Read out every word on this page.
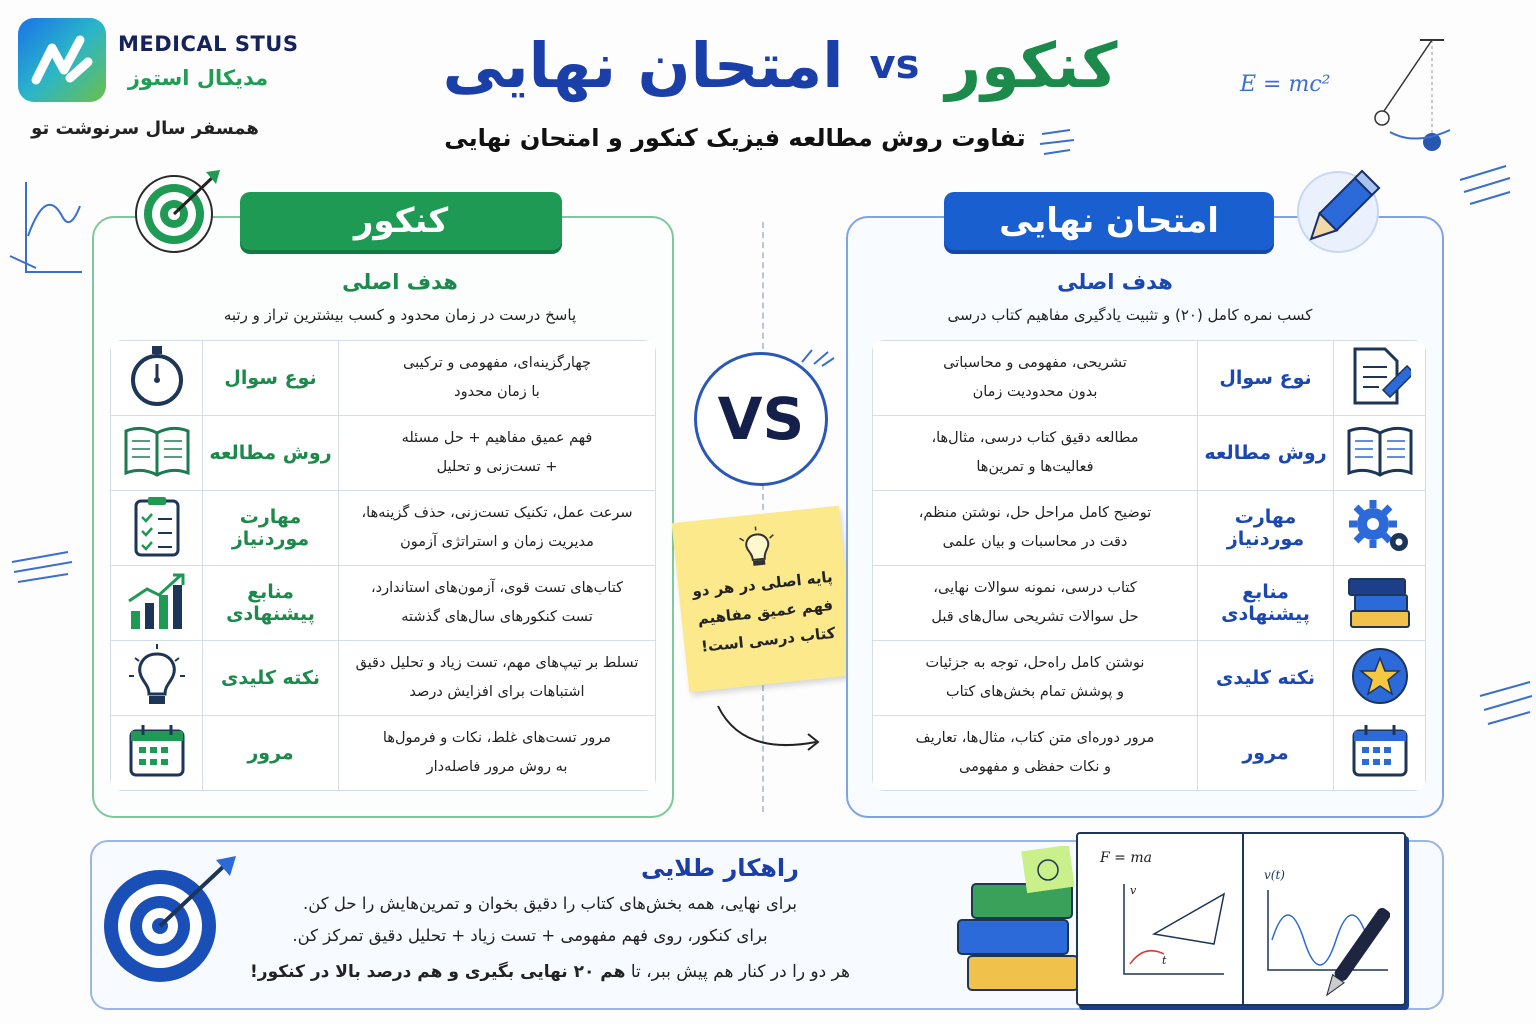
MEDICAL STUS
مدیکال استوز
همسفر سال سرنوشت تو
امتحان نهایی vs کنکور
تفاوت روش مطالعه فیزیک کنکور و امتحان نهایی
E = mc²
کنکور
هدف اصلی
پاسخ درست در زمان محدود و کسب بیشترین تراز و رتبه
	نوع سوال	چهارگزینه‌ای، مفهومی و ترکیبی
با زمان محدود

	روش مطالعه	فهم عمیق مفاهیم + حل مسئله
+ تست‌زنی و تحلیل

	مهارت موردنیاز	سرعت عمل، تکنیک تست‌زنی، حذف گزینه‌ها،
مدیریت زمان و استراتژی آزمون

	منابع پیشنهادی	کتاب‌های تست قوی، آزمون‌های استاندارد،
تست کنکورهای سال‌های گذشته

	نکته کلیدی	تسلط بر تیپ‌های مهم، تست زیاد و تحلیل دقیق
اشتباهات برای افزایش درصد

	مرور	مرور تست‌های غلط، نکات و فرمول‌ها
به روش مرور فاصله‌دار
VS
پایه اصلی در هر دو
فهم عمیق مفاهیم
کتاب درسی است!
امتحان نهایی
هدف اصلی
کسب نمره کامل (۲۰) و تثبیت یادگیری مفاهیم کتاب درسی
تشریحی، مفهومی و محاسباتی
بدون محدودیت زمان	نوع سوال	

مطالعه دقیق کتاب درسی، مثال‌ها،
فعالیت‌ها و تمرین‌ها	روش مطالعه	

توضیح کامل مراحل حل، نوشتن منظم،
دقت در محاسبات و بیان علمی	مهارت موردنیاز	

کتاب درسی، نمونه سوالات نهایی،
حل سوالات تشریحی سال‌های قبل	منابع پیشنهادی	

نوشتن کامل راه‌حل، توجه به جزئیات
و پوشش تمام بخش‌های کتاب	نکته کلیدی	

مرور دوره‌ای متن کتاب، مثال‌ها، تعاریف
و نکات حفظی و مفهومی	مرور	
راهکار طلایی
برای نهایی، همه بخش‌های کتاب را دقیق بخوان و تمرین‌هایش را حل کن.
برای کنکور، روی فهم مفهومی + تست زیاد + تحلیل دقیق تمرکز کن.
هر دو را در کنار هم پیش ببر، تا هم ۲۰ نهایی بگیری و هم درصد بالا در کنکور!
F = ma
v
t
v(t)
